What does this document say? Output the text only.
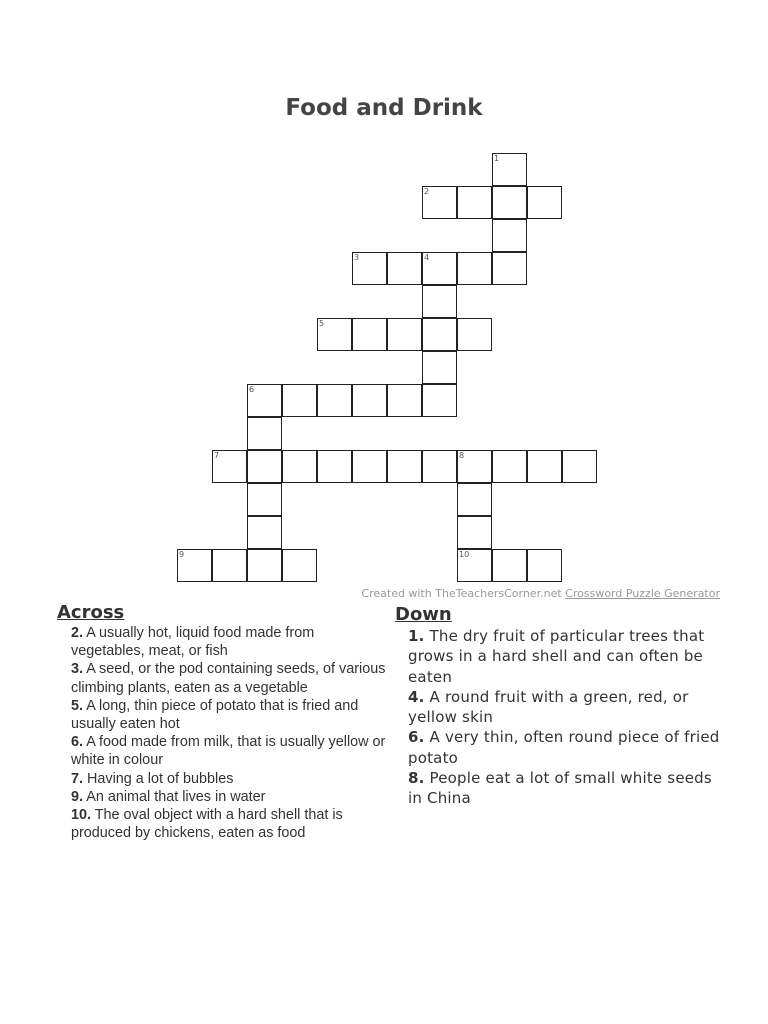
Food and Drink
1
2
3	4
5
6
7	8
9	10
Created with TheTeachersCorner.net Crossword Puzzle Generator
Across
2. A usually hot, liquid food made from vegetables, meat, or fish
3. A seed, or the pod containing seeds, of various climbing plants, eaten as a vegetable
5. A long, thin piece of potato that is fried and usually eaten hot
6. A food made from milk, that is usually yellow or white in colour
7. Having a lot of bubbles
9. An animal that lives in water
10. The oval object with a hard shell that is produced by chickens, eaten as food
Down
1. The dry fruit of particular trees that grows in a hard shell and can often be eaten
4. A round fruit with a green, red, or yellow skin
6. A very thin, often round piece of fried potato
8. People eat a lot of small white seeds in China
